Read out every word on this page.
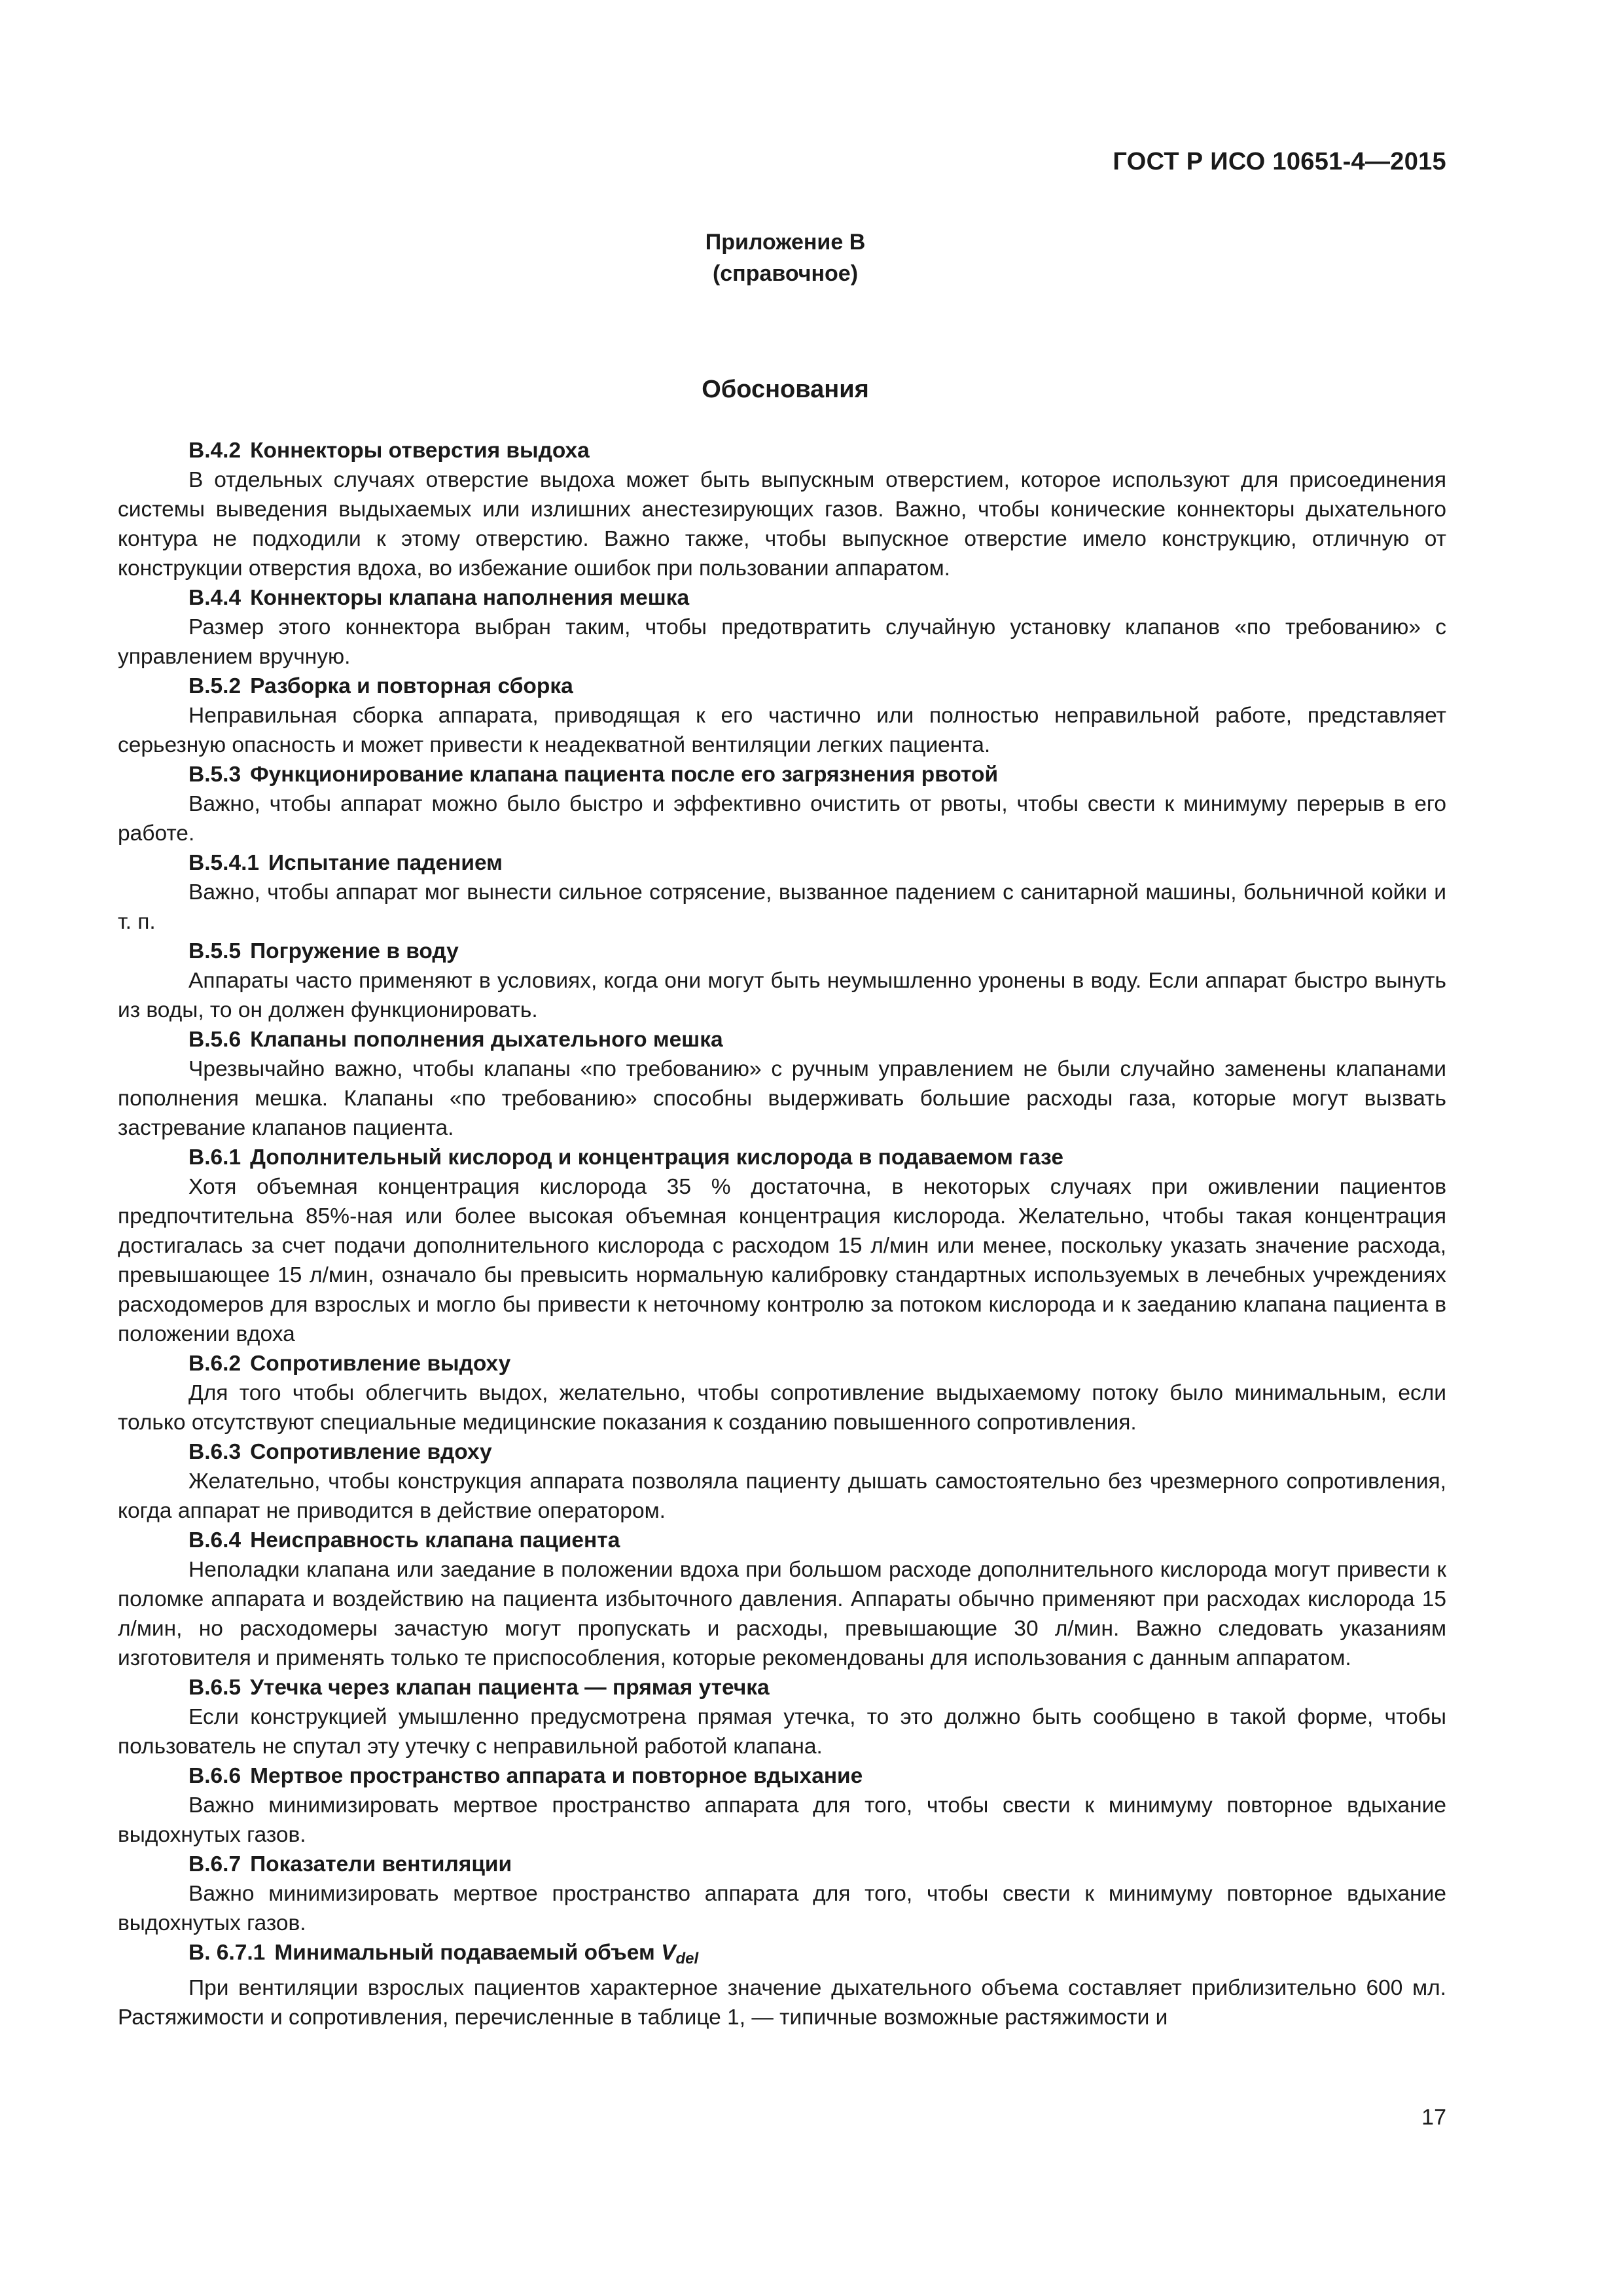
ГОСТ Р ИСО 10651-4—2015
Приложение В
(справочное)
Обоснования
В.4.2 Коннекторы отверстия выдоха
В отдельных случаях отверстие выдоха может быть выпускным отверстием, которое используют для присоединения системы выведения выдыхаемых или излишних анестезирующих газов. Важно, чтобы конические коннекторы дыхательного контура не подходили к этому отверстию. Важно также, чтобы выпускное отверстие имело конструкцию, отличную от конструкции отверстия вдоха, во избежание ошибок при пользовании аппаратом.
В.4.4 Коннекторы клапана наполнения мешка
Размер этого коннектора выбран таким, чтобы предотвратить случайную установку клапанов «по требованию» с управлением вручную.
В.5.2 Разборка и повторная сборка
Неправильная сборка аппарата, приводящая к его частично или полностью неправильной работе, представляет серьезную опасность и может привести к неадекватной вентиляции легких пациента.
В.5.3 Функционирование клапана пациента после его загрязнения рвотой
Важно, чтобы аппарат можно было быстро и эффективно очистить от рвоты, чтобы свести к минимуму перерыв в его работе.
В.5.4.1 Испытание падением
Важно, чтобы аппарат мог вынести сильное сотрясение, вызванное падением с санитарной машины, больничной койки и т. п.
В.5.5 Погружение в воду
Аппараты часто применяют в условиях, когда они могут быть неумышленно уронены в воду. Если аппарат быстро вынуть из воды, то он должен функционировать.
В.5.6 Клапаны пополнения дыхательного мешка
Чрезвычайно важно, чтобы клапаны «по требованию» с ручным управлением не были случайно заменены клапанами пополнения мешка. Клапаны «по требованию» способны выдерживать большие расходы газа, которые могут вызвать застревание клапанов пациента.
В.6.1 Дополнительный кислород и концентрация кислорода в подаваемом газе
Хотя объемная концентрация кислорода 35 % достаточна, в некоторых случаях при оживлении пациентов предпочтительна 85%-ная или более высокая объемная концентрация кислорода. Желательно, чтобы такая концентрация достигалась за счет подачи дополнительного кислорода с расходом 15 л/мин или менее, поскольку указать значение расхода, превышающее 15 л/мин, означало бы превысить нормальную калибровку стандартных используемых в лечебных учреждениях расходомеров для взрослых и могло бы привести к неточному контролю за потоком кислорода и к заеданию клапана пациента в положении вдоха
В.6.2 Сопротивление выдоху
Для того чтобы облегчить выдох, желательно, чтобы сопротивление выдыхаемому потоку было минимальным, если только отсутствуют специальные медицинские показания к созданию повышенного сопротивления.
В.6.3 Сопротивление вдоху
Желательно, чтобы конструкция аппарата позволяла пациенту дышать самостоятельно без чрезмерного сопротивления, когда аппарат не приводится в действие оператором.
В.6.4 Неисправность клапана пациента
Неполадки клапана или заедание в положении вдоха при большом расходе дополнительного кислорода могут привести к поломке аппарата и воздействию на пациента избыточного давления. Аппараты обычно применяют при расходах кислорода 15 л/мин, но расходомеры зачастую могут пропускать и расходы, превышающие 30 л/мин. Важно следовать указаниям изготовителя и применять только те приспособления, которые рекомендованы для использования с данным аппаратом.
В.6.5 Утечка через клапан пациента — прямая утечка
Если конструкцией умышленно предусмотрена прямая утечка, то это должно быть сообщено в такой форме, чтобы пользователь не спутал эту утечку с неправильной работой клапана.
В.6.6 Мертвое пространство аппарата и повторное вдыхание
Важно минимизировать мертвое пространство аппарата для того, чтобы свести к минимуму повторное вдыхание выдохнутых газов.
В.6.7 Показатели вентиляции
Важно минимизировать мертвое пространство аппарата для того, чтобы свести к минимуму повторное вдыхание выдохнутых газов.
В. 6.7.1 Минимальный подаваемый объем $V_{del}$
При вентиляции взрослых пациентов характерное значение дыхательного объема составляет приблизительно 600 мл. Растяжимости и сопротивления, перечисленные в таблице 1, — типичные возможные растяжимости и
17
